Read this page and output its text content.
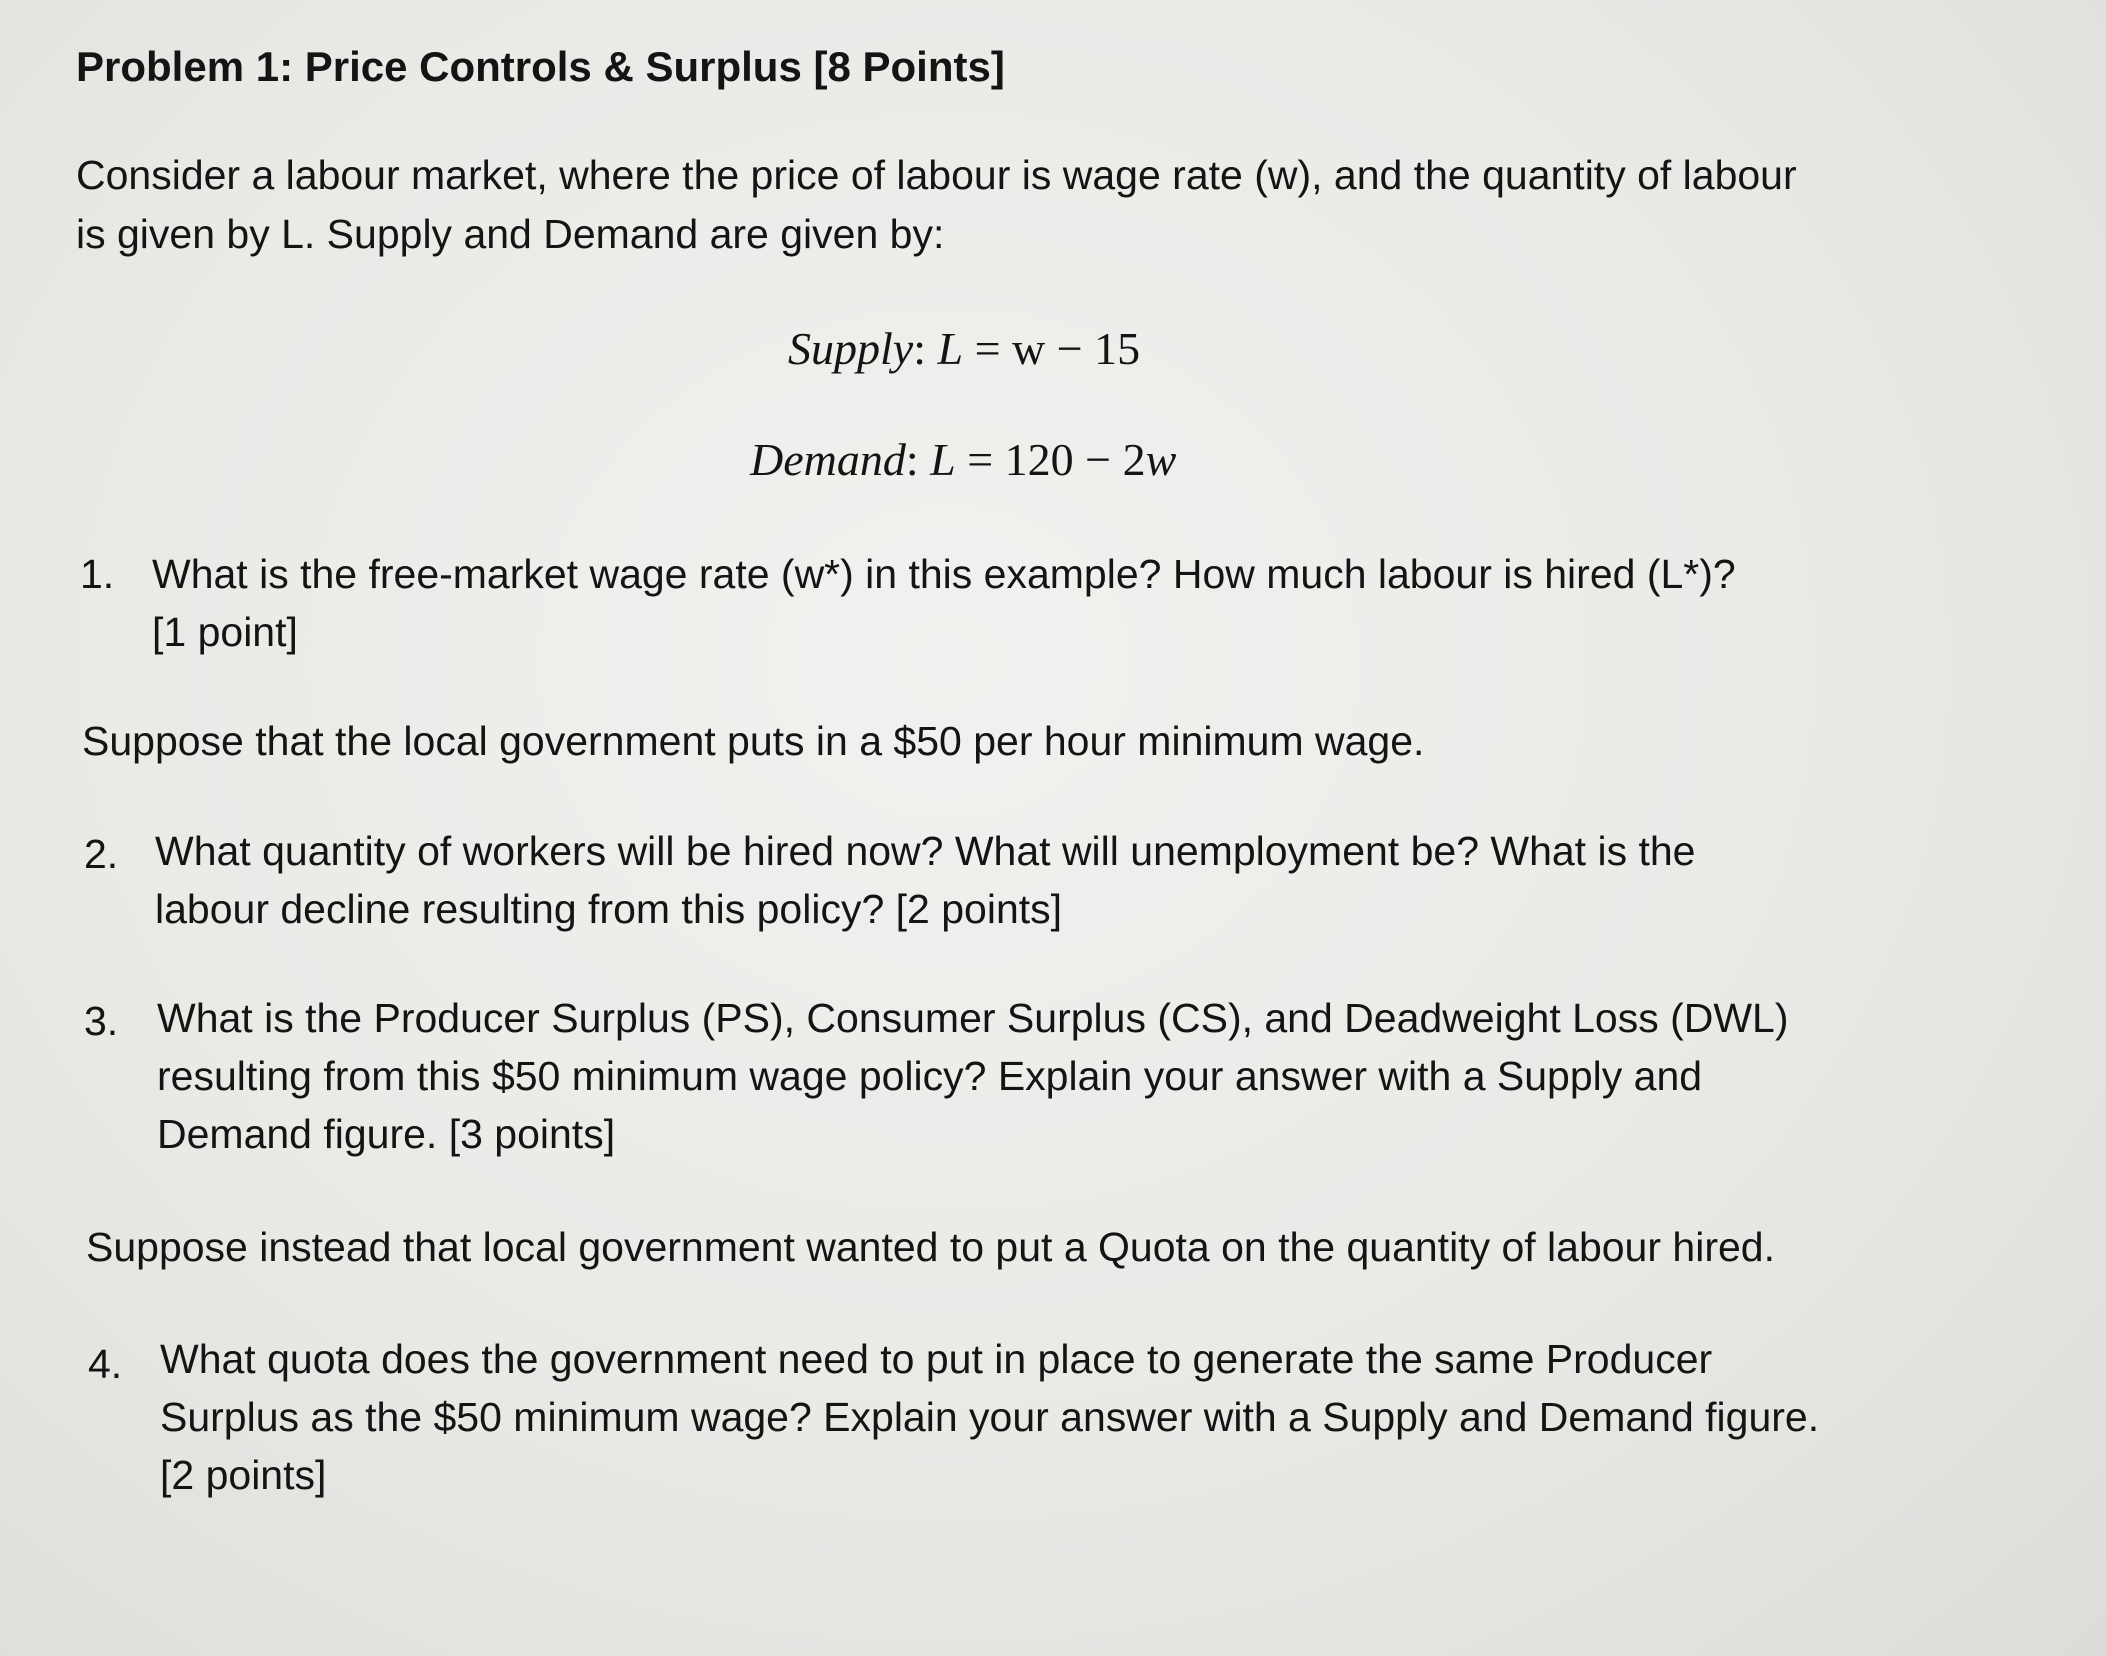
Problem 1: Price Controls & Surplus [8 Points]
Consider a labour market, where the price of labour is wage rate (w), and the quantity of labour
is given by L. Supply and Demand are given by:
Supply: L = w − 15
Demand: L = 120 − 2w
1. What is the free-market wage rate (w*) in this example? How much labour is hired (L*)?
[1 point]
Suppose that the local government puts in a $50 per hour minimum wage.
2. What quantity of workers will be hired now? What will unemployment be? What is the
labour decline resulting from this policy? [2 points]
3. What is the Producer Surplus (PS), Consumer Surplus (CS), and Deadweight Loss (DWL)
resulting from this $50 minimum wage policy? Explain your answer with a Supply and
Demand figure. [3 points]
Suppose instead that local government wanted to put a Quota on the quantity of labour hired.
4. What quota does the government need to put in place to generate the same Producer
Surplus as the $50 minimum wage? Explain your answer with a Supply and Demand figure.
[2 points]
